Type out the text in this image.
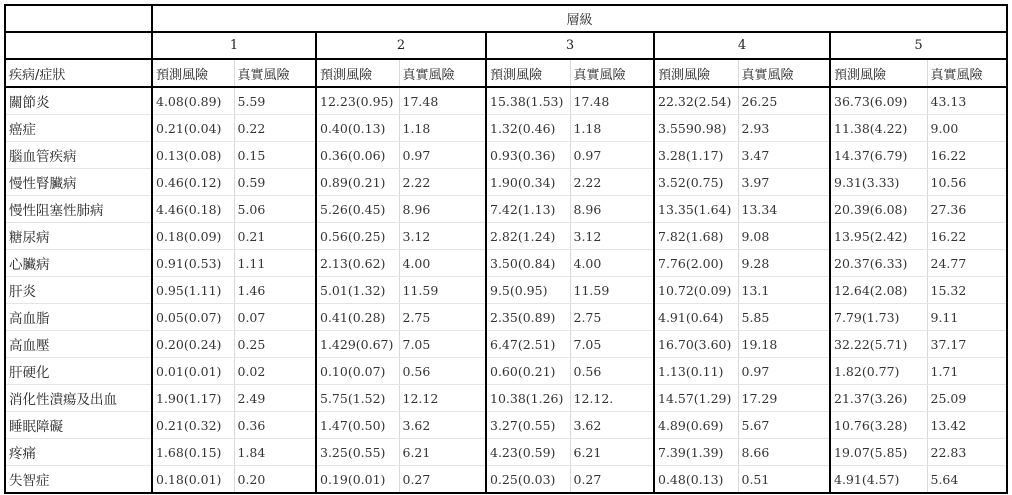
	層級									
	1		2		3		4		5	
疾病/症狀	預測風險	真實風險	預測風險	真實風險	預測風險	真實風險	預測風險	真實風險	預測風險	真實風險
關節炎	4.08(0.89)	5.59	12.23(0.95)	17.48	15.38(1.53)	17.48	22.32(2.54)	26.25	36.73(6.09)	43.13
癌症	0.21(0.04)	0.22	0.40(0.13)	1.18	1.32(0.46)	1.18	3.5590.98)	2.93	11.38(4.22)	9.00
腦血管疾病	0.13(0.08)	0.15	0.36(0.06)	0.97	0.93(0.36)	0.97	3.28(1.17)	3.47	14.37(6.79)	16.22
慢性腎臟病	0.46(0.12)	0.59	0.89(0.21)	2.22	1.90(0.34)	2.22	3.52(0.75)	3.97	9.31(3.33)	10.56
慢性阻塞性肺病	4.46(0.18)	5.06	5.26(0.45)	8.96	7.42(1.13)	8.96	13.35(1.64)	13.34	20.39(6.08)	27.36
糖尿病	0.18(0.09)	0.21	0.56(0.25)	3.12	2.82(1.24)	3.12	7.82(1.68)	9.08	13.95(2.42)	16.22
心臟病	0.91(0.53)	1.11	2.13(0.62)	4.00	3.50(0.84)	4.00	7.76(2.00)	9.28	20.37(6.33)	24.77
肝炎	0.95(1.11)	1.46	5.01(1.32)	11.59	9.5(0.95)	11.59	10.72(0.09)	13.1	12.64(2.08)	15.32
高血脂	0.05(0.07)	0.07	0.41(0.28)	2.75	2.35(0.89)	2.75	4.91(0.64)	5.85	7.79(1.73)	9.11
高血壓	0.20(0.24)	0.25	1.429(0.67)	7.05	6.47(2.51)	7.05	16.70(3.60)	19.18	32.22(5.71)	37.17
肝硬化	0.01(0.01)	0.02	0.10(0.07)	0.56	0.60(0.21)	0.56	1.13(0.11)	0.97	1.82(0.77)	1.71
消化性潰瘍及出血	1.90(1.17)	2.49	5.75(1.52)	12.12	10.38(1.26)	12.12.	14.57(1.29)	17.29	21.37(3.26)	25.09
睡眠障礙	0.21(0.32)	0.36	1.47(0.50)	3.62	3.27(0.55)	3.62	4.89(0.69)	5.67	10.76(3.28)	13.42
疼痛	1.68(0.15)	1.84	3.25(0.55)	6.21	4.23(0.59)	6.21	7.39(1.39)	8.66	19.07(5.85)	22.83
失智症	0.18(0.01)	0.20	0.19(0.01)	0.27	0.25(0.03)	0.27	0.48(0.13)	0.51	4.91(4.57)	5.64
